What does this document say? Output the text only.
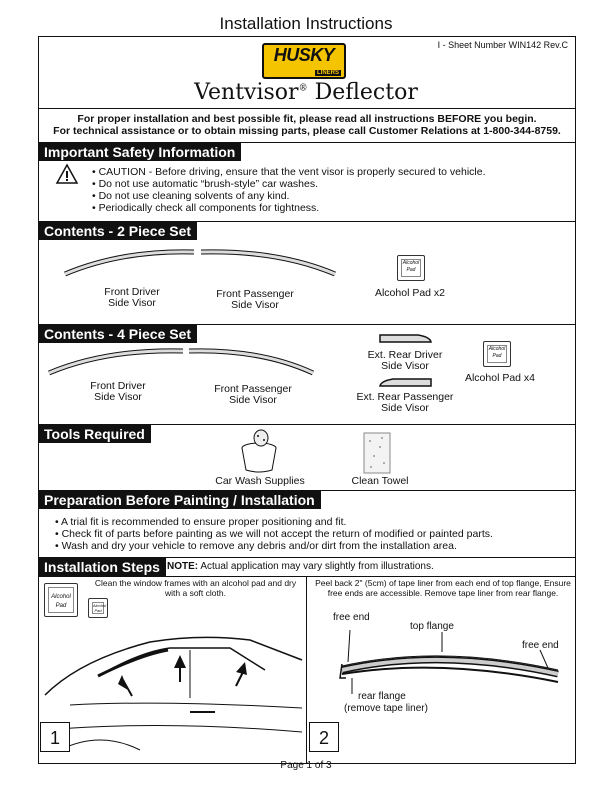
Installation Instructions
I - Sheet Number WIN142 Rev.C
HUSKY
LINERS
Ventvisor® Deflector
For proper installation and best possible fit, please read all instructions BEFORE you begin.
For technical assistance or to obtain missing parts, please call Customer Relations at 1-800-344-8759.
Important Safety Information
• CAUTION - Before driving, ensure that the vent visor is properly secured to vehicle.
• Do not use automatic “brush-style” car washes.
• Do not use cleaning solvents of any kind.
• Periodically check all components for tightness.
Contents - 2 Piece Set
Front Driver
Side Visor
Front Passenger
Side Visor
Alcohol
Pad
Alcohol Pad x2
Contents - 4 Piece Set
Front Driver
Side Visor
Front Passenger
Side Visor
Ext. Rear Driver
Side Visor
Ext. Rear Passenger
Side Visor
Alcohol
Pad
Alcohol Pad x4
Tools Required
Car Wash Supplies	Clean Towel
Preparation Before Painting / Installation
• A trial fit is recommended to ensure proper positioning and fit.
• Check fit of parts before painting as we will not accept the return of modified or painted parts.
• Wash and dry your vehicle to remove any debris and/or dirt from the installation area.
Installation Steps NOTE: Actual application may vary slightly from illustrations.
Alcohol
Pad	Alcohol
Pad
Clean the window frames with an alcohol pad and dry with a soft cloth.
1
Peel back 2" (5cm) of tape liner from each end of top flange, Ensure free ends are accessible. Remove tape liner from rear flange.
free end
top flange
free end
rear flange
(remove tape liner)
2
Page 1 of 3
